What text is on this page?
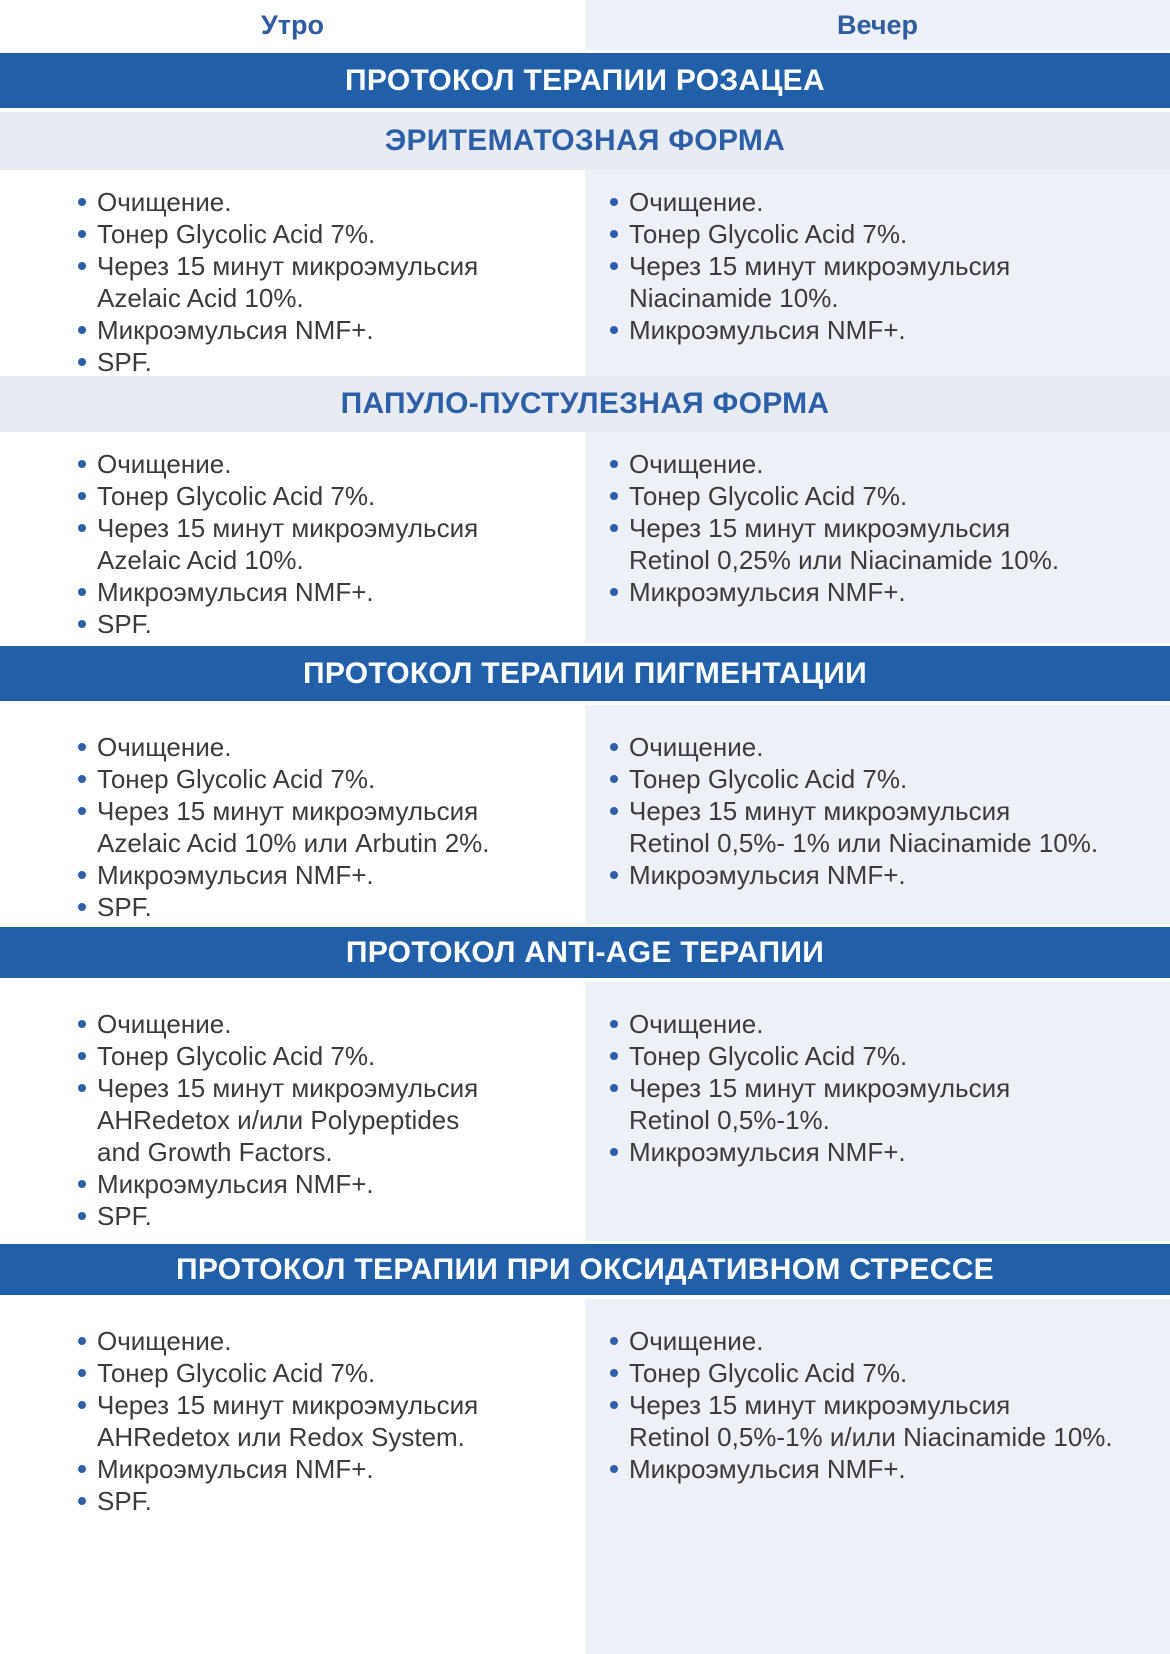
Утро	Вечер
ПРОТОКОЛ ТЕРАПИИ РОЗАЦЕА
ЭРИТЕМАТОЗНАЯ ФОРМА
Очищение.
Тонер Glycolic Acid 7%.
Через 15 минут микроэмульсия
Azelaic Acid 10%.
Микроэмульсия NMF+.
SPF.
Очищение.
Тонер Glycolic Acid 7%.
Через 15 минут микроэмульсия
Niacinamide 10%.
Микроэмульсия NMF+.
ПАПУЛО-ПУСТУЛЕЗНАЯ ФОРМА
Очищение.
Тонер Glycolic Acid 7%.
Через 15 минут микроэмульсия
Azelaic Acid 10%.
Микроэмульсия NMF+.
SPF.
Очищение.
Тонер Glycolic Acid 7%.
Через 15 минут микроэмульсия
Retinol 0,25% или Niacinamide 10%.
Микроэмульсия NMF+.
ПРОТОКОЛ ТЕРАПИИ ПИГМЕНТАЦИИ
Очищение.
Тонер Glycolic Acid 7%.
Через 15 минут микроэмульсия
Azelaic Acid 10% или Arbutin 2%.
Микроэмульсия NMF+.
SPF.
Очищение.
Тонер Glycolic Acid 7%.
Через 15 минут микроэмульсия
Retinol 0,5%- 1% или Niacinamide 10%.
Микроэмульсия NMF+.
ПРОТОКОЛ ANTI-AGE ТЕРАПИИ
Очищение.
Тонер Glycolic Acid 7%.
Через 15 минут микроэмульсия
AHRedetox и/или Polypeptides
and Growth Factors.
Микроэмульсия NMF+.
SPF.
Очищение.
Тонер Glycolic Acid 7%.
Через 15 минут микроэмульсия
Retinol 0,5%-1%.
Микроэмульсия NMF+.
ПРОТОКОЛ ТЕРАПИИ ПРИ ОКСИДАТИВНОМ СТРЕССЕ
Очищение.
Тонер Glycolic Acid 7%.
Через 15 минут микроэмульсия
AHRedetox или Redox System.
Микроэмульсия NMF+.
SPF.
Очищение.
Тонер Glycolic Acid 7%.
Через 15 минут микроэмульсия
Retinol 0,5%-1% и/или Niacinamide 10%.
Микроэмульсия NMF+.
